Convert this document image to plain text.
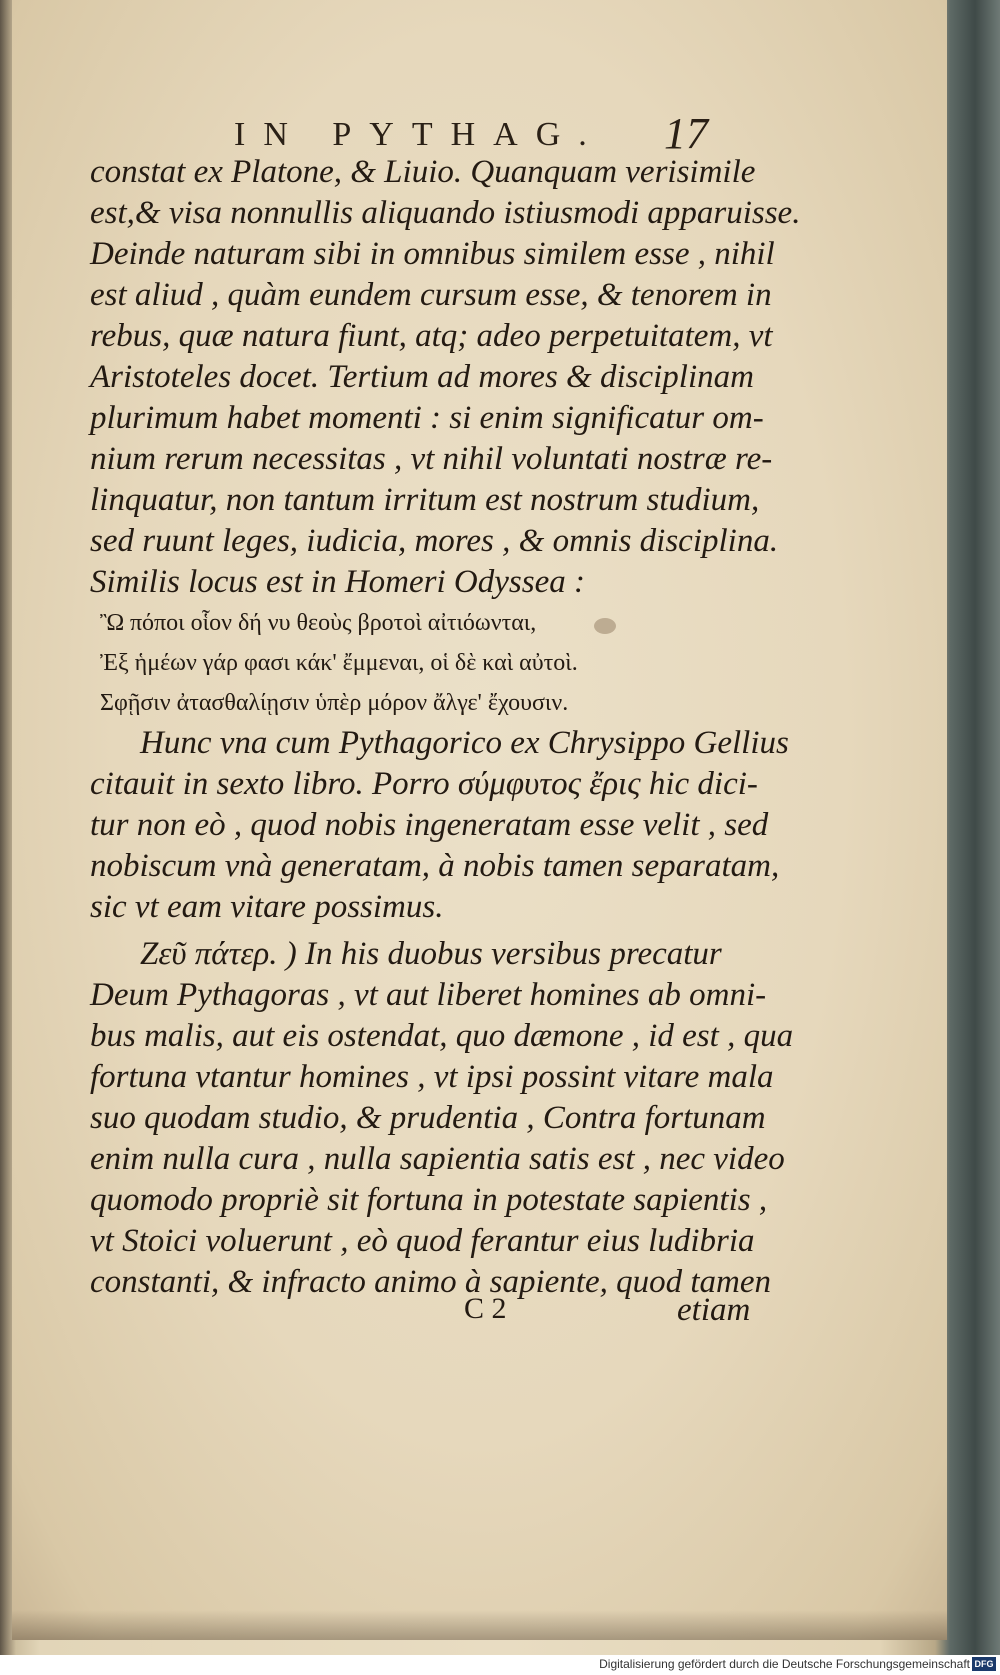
IN PYTHAG. 17
constat ex Platone, & Liuio. Quanquam verisimile
est,& visa nonnullis aliquando istiusmodi apparuisse.
Deinde naturam sibi in omnibus similem esse , nihil
est aliud , quàm eundem cursum esse, & tenorem in
rebus, quæ natura fiunt, atq; adeo perpetuitatem, vt
Aristoteles docet. Tertium ad mores & disciplinam
plurimum habet momenti : si enim significatur om-
nium rerum necessitas , vt nihil voluntati nostræ re-
linquatur, non tantum irritum est nostrum studium,
sed ruunt leges, iudicia, mores , & omnis disciplina.
Similis locus est in Homeri Odyssea :
Ὢ πόποι οἷον δή νυ θεοὺς βροτοὶ αἰτιόωνται,
Ἐξ ἡμέων γάρ φασι κάκ' ἔμμεναι, οἱ δὲ καὶ αὐτοὶ.
Σφῇσιν ἀτασθαλίῃσιν ὑπὲρ μόρον ἄλγε' ἔχουσιν.
Hunc vna cum Pythagorico ex Chrysippo Gellius
citauit in sexto libro. Porro σύμφυτος ἔρις hic dici-
tur non eò , quod nobis ingeneratam esse velit , sed
nobiscum vnà generatam, à nobis tamen separatam,
sic vt eam vitare possimus.
Ζεῦ πάτερ. ) In his duobus versibus precatur
Deum Pythagoras , vt aut liberet homines ab omni-
bus malis, aut eis ostendat, quo dæmone , id est , qua
fortuna vtantur homines , vt ipsi possint vitare mala
suo quodam studio, & prudentia , Contra fortunam
enim nulla cura , nulla sapientia satis est , nec video
quomodo propriè sit fortuna in potestate sapientis ,
vt Stoici voluerunt , eò quod ferantur eius ludibria
constanti, & infracto animo à sapiente, quod tamen
C 2	etiam
Digitalisierung gefördert durch die Deutsche Forschungsgemeinschaft DFG
